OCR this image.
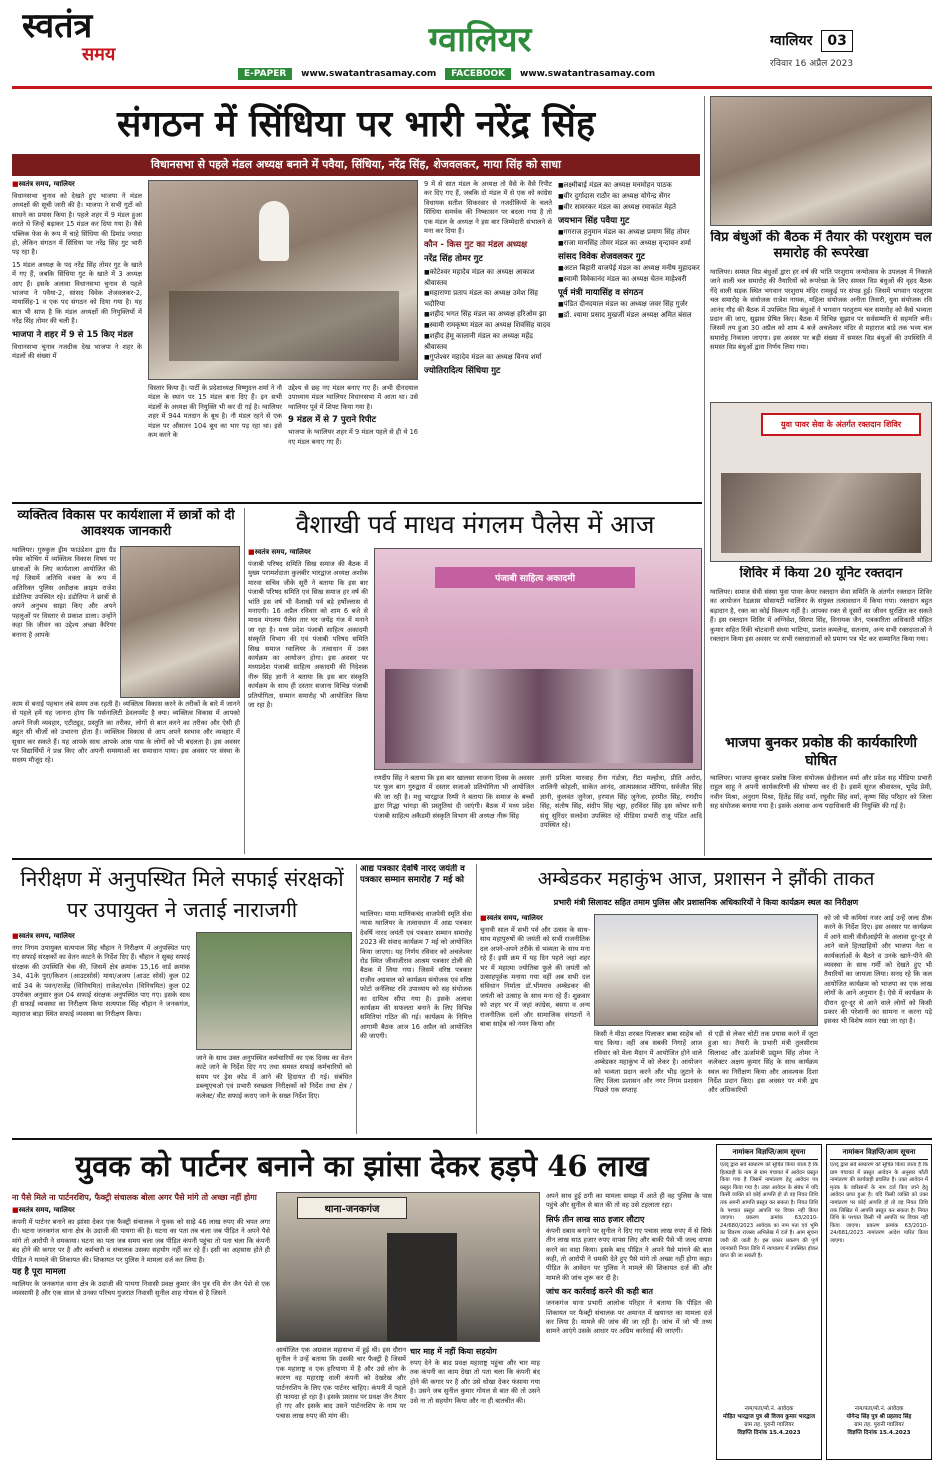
स्वतंत्र
समय	ग्वालियर	ग्वालियर 03
रविवार 16 अप्रैल 2023
E-PAPER www.swatantrasamay.com FACEBOOK www.swatantrasamay.com
संगठन में सिंधिया पर भारी नरेंद्र सिंह
विधानसभा से पहले मंडल अध्यक्ष बनाने में पवैया, सिंधिया, नरेंद्र सिंह, शेजवलकर, माया सिंह को साधा
■ स्वतंत्र समय, ग्वालियर

विधानसभा चुनाव को देखते हुए भाजपा ने मंडल अध्यक्षों की सूची जारी की है। भाजपा ने सभी गुटों को साधने का प्रयास किया है। पहले शहर में 9 मंडल हुआ करते थे जिन्हें बढ़ाकर 15 मंडल कर दिया गया है। वैसे पब्लिक फेस के रूप में चाहे सिंधिया की डिमांड ज्यादा हो, लेकिन संगठन में सिंधिया पर नरेंद्र सिंह गुट भारी पड़ रहा है।

15 मंडल अध्यक्ष के पद नरेंद्र सिंह तोमर गुट के खाते में गए हैं, जबकि सिंधिया गुट के खाते में 3 अध्यक्ष आए हैं। इसके अलावा विधानसभा चुनाव से पहले भाजपा ने पवैया-2, सांसद विवेक शेजवलकर-2, मायासिंह-1 व एक पद संगठन को दिया गया है। यह बात भी साफ है कि मंडल अध्यक्षों की नियुक्तियों में नरेंद्र सिंह तोमर की चली है।

भाजपा ने शहर में 9 से 15 किए मंडल

विधानसभा चुनाव नजदीक देख भाजपा ने शहर के मंडलों की संख्या में

विस्तार किया है। पार्टी के प्रदेशाध्यक्ष विष्णुदत्त शर्मा ने नौ मंडल के स्थान पर 15 मंडल बना दिए हैं। इन सभी मंडलों के अध्यक्ष की नियुक्ति भी कर दी गई है। ग्वालियर शहर में 944 मतदान के बूथ है। नौ मंडल रहने से एक मंडल पर औसतन 104 बूथ का भार पड़ रहा था। इसे कम करने के

उद्देश्य से छह नए मंडल बनाए गए हैं। अभी दीनदयाल उपाध्याय मंडल ग्वालियर विधानसभा में आता था। उसे ग्वालियर पूर्व में शिफ्ट किया गया है।

9 मंडल में से 7 पुराने रिपीट

भाजपा के ग्वालियर शहर में 9 मंडल पहले से ही थे 16 नए मंडल बनाए गए हैं।

9 में से सात मंडल के अध्यक्ष तो वैसे के वैसे रिपीट कर दिए गए हैं, जबकि दो मंडल में से एक को कांग्रेस विधायक सतीश सिकरवार से नजदीकियों के चलते सिंधिया समर्थक की निष्कासन पर बदला गया है तो एक मंडल के अध्यक्ष ने इस बार जिम्मेदारी संभालने से मना कर दिया है।

कौन - किस गुट का मंडल अध्यक्ष
नरेंद्र सिंह तोमर गुट
■ कोटेश्वर महादेव मंडल का अध्यक्ष आकाश श्रीवास्तव
■ महाराणा प्रताप मंडल का अध्यक्ष उमेश सिंह भदौरिया
■ शहीद भगत सिंह मंडल का अध्यक्ष हरिओम झा
■ स्वामी रामकृष्ण मंडल का अध्यक्ष शिवसिंह यादव
■ शहीद हेमू कालानी मंडल का अध्यक्ष महेंद्र श्रीवास्तव
■ गुप्तेश्वर महादेव मंडल का अध्यक्ष विनय शर्मा
ज्योतिरादित्य सिंधिया गुट
■ लक्ष्मीबाई मंडल का अध्यक्ष मनमोहन पाठक
■ वीर दुर्गादास राठौर का अध्यक्ष योगेन्द्र सेंगर
■ वीर सावरकर मंडल का अध्यक्ष रमाकांत मेहते
जयभान सिंह पवैया गुट
■ गगराज हनुमान मंडल का अध्यक्ष प्रमाण सिंह तोमर
■ राजा मानसिंह तोमर मंडल का अध्यक्ष वृन्दावन शर्मा
सांसद विवेक शेजवलकर गुट
■ अटल बिहारी वाजपेई मंडल का अध्यक्ष मनीष मुहादकर
■ स्वामी विवेकानंद मंडल का अध्यक्ष चेतन माहेश्वरी
पूर्व मंत्री मायासिंह व संगठन
■ पंडित दीनदयाल मंडल का अध्यक्ष जवर सिंह गुर्जर
■ डॉ. श्यामा प्रसाद मुखर्जी मंडल अध्यक्ष अमित बंसल
विप्र बंधुओं की बैठक में तैयार की परशुराम चल समारोह की रूपरेखा

ग्वालियर। समस्त विप्र बंधुओं द्वारा हर वर्ष की भांति परशुराम जन्मोत्सव के उपलक्ष्य में निकाले जाने वाली चल समारोह की तैयारियों को रूपरेखा के लिए समस्त विप्र बंधुओं की वृहद बैठक गेंदे वाली सड़क स्थित भगवान परशुराम मंदिर रामकुई पर संपन्न हुई। जिसमें भगवान परशुराम चल समारोह के संयोजक राजेश नायक, महिला संयोजक अनीता तिवारी, युवा संयोजक रवि आनंद गौड़ की बैठक में उपस्थित विप्र बंधुओं ने भगवान परशुराम चल समारोह को कैसे भव्यता प्रदान की जाए, सुझाव प्रेषित किए। बैठक में विभिन्न सुझाव पर सर्वसम्मति से सहमति बनी। जिसमें तय हुआ 30 अप्रैल को शाम 4 बजे अचलेश्वर मंदिर से महाराज बाड़े तक भव्य चल समारोह निकाला जाएगा। इस अवसर पर बड़ी संख्या में समस्त विप्र बंधुओं की उपस्थिति में समस्त विप्र बंधुओं द्वारा निर्णय लिया गया।

युवा पावर सेवा के अंतर्गत रक्तदान शिविर
शिविर में किया 20 यूनिट रक्तदान

ग्वालियर। समाज सेवी संस्था युवा पावर केयर रक्तदान सेवा समिति के अंतर्गत रक्तदान शिविर का आयोजन रेडक्रास सोसायटी ग्वालियर के संयुक्त तत्वावधान में किया गया। रक्तदान बहुत बड़ादान है, रक्त का कोई विकल्प नहीं है। आपका रक्त से दूसरों का जीवन सुरक्षित कर सकते हैं। इस रक्तदान शिविर में अग्निवेश, सिरपा सिंह, विनायक जैन, पत्रकारिता अधिकारी मोहित कुमार सहित रिंकी चोटवानी संध्या भाटिया, प्रशांत कमलेन्द्र, सतनाम, अन्य सभी रक्तदाताओं ने रक्तदान किया इस अवसर पर सभी रक्तदाताओं को प्रमाण पत्र भेंट कर सम्मानित किया गया।

भाजपा बुनकर प्रकोष्ठ की कार्यकारिणी घोषित

ग्वालियर। भाजपा बुनकर प्रकोष्ठ जिला संयोजक छेदीलाल वर्मा और प्रदेश सह मीडिया प्रभारी राहुल साहू ने अपनी कार्यकारिणी की घोषणा कर दी है। इसमें सूरज श्रीवास्तव, भूपेंद्र प्रेमी, नवीन मिश्रा, अनुराग मिश्रा, हितेंद्र सिंह वर्मा, रघुवीर सिंह वर्मा, कृष्ण सिंह परिहार को जिला सह संयोजक बनाया गया है। इसके अलावा अन्य पदाधिकारी की नियुक्ति की गई है।

व्यक्तित्व विकास पर कार्यशाला में छात्रों को दी आवश्यक जानकारी

ग्वालियर। गुरुकुल ड्रीम फाउंडेशन द्वारा ग्रैंड स्पेस कोचिंग में व्यक्तित्व विकास विषय पर छात्राओं के लिए कार्यशाला आयोजित की गई जिसमें अतिथि वक्ता के रूप में अतिरिक्त पुलिस अधीक्षक क्राइम राजेश डंडोतिया उपस्थित रहे। डंडोतिया ने छात्रों से अपने अनुभव साझा किए और अपने पहलुओं पर विस्तार से प्रकाश डाला। उन्होंने कहा कि जीवन का उद्देश्य अच्छा कैरियर बनाना है आपके

काम से बनाई पहचान लंबे समय तक रहती है। व्यक्तित्व विकास करने के तरीकों के बारे में जानने से पहले हमें यह जानना होगा कि पर्सनालिटी डेवलपमेंट है क्या। व्यक्तित्व विकास में आपको अपने निजी व्यवहार, एटीट्यूड, प्रस्तुति का तरीका, लोगों से बात करने का तरीका और ऐसी ही बहुत सी चीजों को उभारना होता है। व्यक्तित्व विकास से आप अपने स्वभाव और व्यवहार में सुधार कर सकते हैं। यह आपके साथ आपके आस पास के लोगों को भी बदलता है। इस अवसर पर विद्यार्थियों ने प्रश्न किए और अपनी समस्याओं का समाधान पाया। इस अवसर पर संस्था के सदस्य मौजूद रहे।

वैशाखी पर्व माधव मंगलम पैलेस में आज
■ स्वतंत्र समय, ग्वालियर

पंजाबी परिषद समिति सिख समाज की बैठक में मुख्य परामर्शदाता कुलबीर भारद्वाज अध्यक्ष अशोक मारवा सचिव जीके सूरी ने बताया कि इस बार पंजाबी परिषद समिति एवं सिख समाज हर वर्ष की भांति इस वर्ष भी वैशाखी पर्व बड़े हर्षोल्लास से मनाएगी। 16 अप्रैल रविवार को शाम 6 बजे से माधव मंगलम पैलेस तार घर जयेंद्र गंज में मनाने जा रहा है। मध्य प्रदेश पंजाबी साहित्य अकादमी संस्कृति विभाग की एवं पंजाबी परिषद समिति सिख समाज ग्वालियर के तत्वाधान में उक्त कार्यक्रम का आयोजन होगा। इस अवसर पर मध्यप्रदेश पंजाबी साहित्य अकादमी की निदेशक नीरू सिंह ज्ञानी ने बताया कि इस बार संस्कृति कार्यक्रम के साथ ही दस्तार सजाना विभिन्न पंजाबी प्रतियोगिता, सम्मान समारोह भी आयोजित किया जा रहा है।

पंजाबी साहित्य अकादमी

रणदीप सिंह ने बताया कि इस बार खालसा साजना दिवस के अवसर पर फूल बाग गुरुद्वारा में दस्तार सजाओ प्रतियोगिता भी आयोजित की जा रही है। मधु भारद्वाज रिम्पी ने बताया कि समाज के बच्चों द्वारा गिद्धा भांगड़ा की प्रस्तुतियां दी जाएंगी। बैठक में मध्य प्रदेश पंजाबी साहित्य अकैडमी संस्कृति विभाग की अध्यक्ष नीरू सिंह

ज्ञानी प्रमिला मारवाह रीना गंडोत्रा, रीटा मल्होत्रा, प्रीति अरोरा, शालिनी कोहली, साकेत आनंद, आत्मप्रकाश मोंगिया, सर्वजीत सिंह ज्ञानी, कुलवंत जुनेजा, हरपाल सिंह जुनेजा, हरमीत सिंह, रणदीप सिंह, संतोष सिंह, संदीप सिंह चड्ढा, हरविंदर सिंह इस कोचर सनी संधू सुरिंदर सलदेवा उपस्थित रहे मीडिया प्रभारी राजू पंडित आदि उपस्थित रहे।

निरीक्षण में अनुपस्थित मिले सफाई संरक्षकों पर उपायुक्त ने जताई नाराजगी
■ स्वतंत्र समय, ग्वालियर

नगर निगम उपायुक्त सत्यपाल सिंह चौहान ने निरीक्षण में अनुपस्थित पाए गए सफाई संरक्षकों का वेतन काटने के निर्देश दिए हैं। चौहान ने सुबह सफाई संरक्षक की उपस्थिति चेक की, जिसमें क्षेत्र क्रमांक 15,16 वार्ड क्रमांक 34, 41के पुरा/किशन (आउटसोर्स) माया/अजय (आउट सोर्स) कुल 02 वार्ड 34 के पवन/राजेंद्र (विनियमित) राजेश/रमेश (विनियमित) कुल 02 उपरोक्त अनुसार कुल 04 सफाई संरक्षक अनुपस्थित पाए गए। इसके साथ ही सफाई व्यवस्था का निरीक्षण किया सत्यपाल सिंह चौहान ने जनकगंज, महाराज बाड़ा स्थित सफाई व्यवस्था का निरीक्षण किया।

जाने के साथ उक्त अनुपस्थित कर्मचारियों का एक दिवस का वेतन काटे जाने के निर्देश दिए गए तथा समस्त सफाई कर्मचारियों को समय पर ड्रेस कोड में आने की हिदायत दी गई। संबंधित डब्ल्यूएचओ एवं प्रभारी स्वच्छता निरीक्षकों को निर्देश तथा क्षेत्र /कलेक्ट/ वीट सफाई कराए जाने के सख्त निर्देश दिए।

आद्य पत्रकार देवर्षि नारद जयंती व पत्रकार सम्मान समारोह 7 मई को

ग्वालियर। मामा माणिकचंद वाजपेयी स्मृति सेवा न्यास ग्वालियर के तत्वावधान में आद्य पत्रकार देवर्षि नारद जयंती एवं पत्रकार सम्मान समारोह 2023 की संवाद कार्यक्रम 7 मई को आयोजित किया जाएगा। यह निर्णय रविवार को अचलेश्वर रोड स्थित जीवाजीराव आश्रम पत्रकार टोली की बैठक में लिया गया। जिसमें वरिष्ठ पत्रकार राजीव अग्रवाल को कार्यक्रम संयोजक एवं वरिष्ठ फोटो जर्नलिस्ट रवि उपाध्याय को सह संयोजक का दायित्व सौंपा गया है। इसके अलावा कार्यक्रम की सफलता बनाने के लिए विभिन्न समितियां गठित की गई। कार्यक्रम के निमित्त आगामी बैठक आज 16 अप्रैल को आयोजित की जाएगी।

अम्बेडकर महाकुंभ आज, प्रशासन ने झौंकी ताकत
प्रभारी मंत्री सिलावट सहित तमाम पुलिस और प्रशासनिक अधिकारियों ने किया कार्यक्रम स्थल का निरीक्षण
■ स्वतंत्र समय, ग्वालियर

चुनावी साल में सभी पर्व और उत्सव के साथ-साथ महापुरुषों की जयंती को सभी राजनीतिक दल अपने-अपने तरीके से भव्यता के साथ मना रहे हैं। इसी क्रम में यह दिन पहले जहां शहर भर में महात्मा ज्योतिबा फुले की जयंती को उत्साहपूर्वक मनाया गया वहीं अब सभी दल संविधान निर्माता डॉ.भीमराव अम्बेडकर की जयंती को उत्साह के साथ मना रहे हैं। शुक्रवार को शहर भर में जहां कांग्रेस, बसपा व अन्य राजनीतिक दलों और सामाजिक संगठनों ने बाबा साहेब को नमन किया और

किसी ने मीठा शरबत पिलाकर बाबा साहेब को याद किया। वहीं अब सबकी निगाहें आज रविवार को मेला मैदान में आयोजित होने वाले अम्बेडकर महाकुंभ में को लेकर है। आयोजन को भव्यता प्रदान करने और भीड़ जुटाने के लिए जिला प्रशासन और नगर निगम प्रशासन पिछले एक सप्ताह

से एड़ी से लेकर चोटी तक प्रयास करने में जुटा हुआ था। तैयारी के प्रभारी मंत्री तुलसीराम सिलावट और ऊर्जामंत्री प्रद्युम्न सिंह तोमर ने कलेक्टर अक्षय कुमार सिंह के साथ कार्यक्रम स्थल का निरीक्षण किया और आवश्यक दिशा निर्देश प्रदान किए। इस अवसर पर मंत्री द्वय और अधिकारियों

को जो भी कमियां नजर आई उन्हें जल्द ठीक करने के निर्देश दिए। इस अवसर पर कार्यक्रम में आने वाली वीवीआईपी के अलावा दूर-दूर से आने वाले हितग्राहियों और भाजपा नेता व कार्यकर्ताओं के बैठने व उनके खाने-पीने की व्यवस्था के साथ गर्मी को देखते हुए भी तैयारियों का जायजा लिया। सनद रहे कि कल आयोजित कार्यक्रम को भाजपा का एक लाख लोगों के आने अनुमान है। ऐसे में कार्यक्रम के दौरान दूर-दूर से आने वाले लोगों को किसी प्रकार की परेशानी का सामना न करना पड़े इसका भी विशेष ध्यान रखा जा रहा है।

युवक को पार्टनर बनाने का झांसा देकर हड़पे 46 लाख
ना पैसे मिले ना पार्टनरशिप, फैक्ट्री संचालक बोला अगर पैसे मांगे तो अच्छा नहीं होगा
■ स्वतंत्र समय, ग्वालियर

कंपनी में पार्टनर बनाने का झांसा देकर एक फैक्ट्री संचालक ने युवक को साढ़े 46 लाख रुपए की चपत लगा दी। घटना जनकगंज थाना क्षेत्र के उदाजी की पायगा की है। घटना का पता तब चला जब पीड़ित ने अपने पैसे मांगे तो आरोपी ने धमकाया। घटना का पता जब समय चला जब पीड़ित कंपनी पहुंचा तो पता चला कि कंपनी बंद होने की कगार पर है और कर्मचारी व संचालक उसका सहयोग नहीं कर रहे हैं। इसी का अहसास होते ही पीड़ित ने मामले की शिकायत की। शिकायत पर पुलिस ने मामला दर्ज कर लिया है।

यह है पूरा मामला

ग्वालियर के जनकगंज थाना क्षेत्र के उदाजी की पायगा निवासी प्रवक्ष कुमार जैन पुत्र रवि सेन जैन पेशे से एक व्यवसायी है और एक साल से उनका परिचय गुजरात निवासी सुनील शाह गोयल से है जिसने

थाना-जनकगंज

आयोजित एक अग्रवाल महासभा में हुई थी। इस दौरान सुनील ने उन्हें बताया कि उसकी चार फैक्ट्री है जिसमें एक महाराष्ट्र व एक हरियाणा में है और उसे लोन के कारण वह महाराष्ट्र वाली कंपनी को देखरेख और पार्टनरशिप के लिए एक पार्टनर चाहिए। कंपनी में पहले ही फायदा हो रहा है। इसके प्रस्ताव पर प्रवक्ष जैन तैयार हो गए और इसके बाद उसने पार्टनरशिप के नाम पर पचास लाख रुपए की मांग की।

चार माह में नहीं किया सहयोग

रुपए देने के बाद प्रवक्ष महाराष्ट्र पहुंचा और चार माह तक कंपनी का काम देखा तो पता चला कि कंपनी बंद होने की कगार पर है और उसे धोखा देकर फंसाया गया है। उसने जब सुनील कुमार गोयल से बात की तो उसने उसे ना तो सहयोग किया और ना ही बातचीत की।

अपने साथ हुई ठगी का मामला समझ में आते ही वह पुलिस के पास पहुंचे और सुनील से बात की तो वह उसे टहलाता रहा।

सिर्फ तीन लाख साठ हजार लौटाए

कंपनी दबाव बनाने पर सुनील ने दिए गए पचास लाख रुपए में से सिर्फ तीन लाख साठ हजार रुपए वापस लिए और बाकी पैसे भी जल्द वापस करने का वादा किया। इसके बाद पीड़ित ने अपने पैसे मांगने की बात कही, तो आरोपी ने धमकी देते हुए पैसे मांगे तो अच्छा नहीं होगा कहा। पीड़ित के आवेदन पर पुलिस ने मामले की शिकायत दर्ज की और मामले की जांच शुरू कर दी है।

जांच कर कार्रवाई करने की कही बात

जनकगंज थाना प्रभारी आलोक परिहार ने बताया कि पीड़ित की शिकायत पर फैक्ट्री संचालक पर अमानत में खयानत का मामला दर्ज कर लिया है। मामले की जांच की जा रही है। जांच में जो भी तथ्य सामने आएंगे उसके आधार पर अग्रिम कार्रवाई की जाएगी।

नामांकन विज्ञप्ति/आम सूचना

एतद् द्वारा सर्व साधारण को सूचित किया जाता है कि हितग्राही के नाम से ग्राम पंचायत में आवेदन प्रस्तुत किया गया है जिसमें नामांतरण हेतु आवेदन पत्र प्रस्तुत किया गया है। उक्त आवेदन के संबंध में यदि किसी व्यक्ति को कोई आपत्ति हो तो वह नियत तिथि तक अपनी आपत्ति प्रस्तुत कर सकता है। नियत तिथि के पश्चात प्रस्तुत आपत्ति पर विचार नहीं किया जाएगा। प्रकरण क्रमांक 63/2010-24/680/2023 आवेदक का नाम पता एवं भूमि का विवरण राजस्व अभिलेख में दर्ज है। आम सूचना जारी की जाती है। इस प्रकार प्रकरण की पूर्ण जानकारी नियत तिथि में न्यायालय में उपस्थित होकर प्राप्त की जा सकती है।

नाम/पता/मो.नं. आवेदक
मोहित भारद्वाज पुत्र श्री विजय कुमार भारद्वाज
ग्राम तह. पुरानी ग्वालियर
विज्ञप्ति दिनांक 15.4.2023
नामांकन विज्ञप्ति/आम सूचना

एतद् द्वारा सर्व साधारण को सूचित किया जाता है कि ग्राम पंचायत में प्रस्तुत आवेदन के अनुसार फौती नामांतरण की कार्यवाही प्रचलित है। उक्त आवेदन में मृतक के वारिसानों के नाम दर्ज किए जाने हेतु आवेदन प्राप्त हुआ है। यदि किसी व्यक्ति को उक्त नामांतरण पर कोई आपत्ति हो तो वह नियत तिथि तक लिखित में आपत्ति प्रस्तुत कर सकता है। नियत तिथि के पश्चात किसी भी आपत्ति पर विचार नहीं किया जाएगा। प्रकरण क्रमांक 63/2010-24/681/2023 नामांतरण आदेश पारित किया जाएगा।

नाम/पता/मो.नं. आवेदक
योगेन्द्र सिंह पुत्र श्री प्रहलाद सिंह
ग्राम तह. पुरानी ग्वालियर
विज्ञप्ति दिनांक 15.4.2023
